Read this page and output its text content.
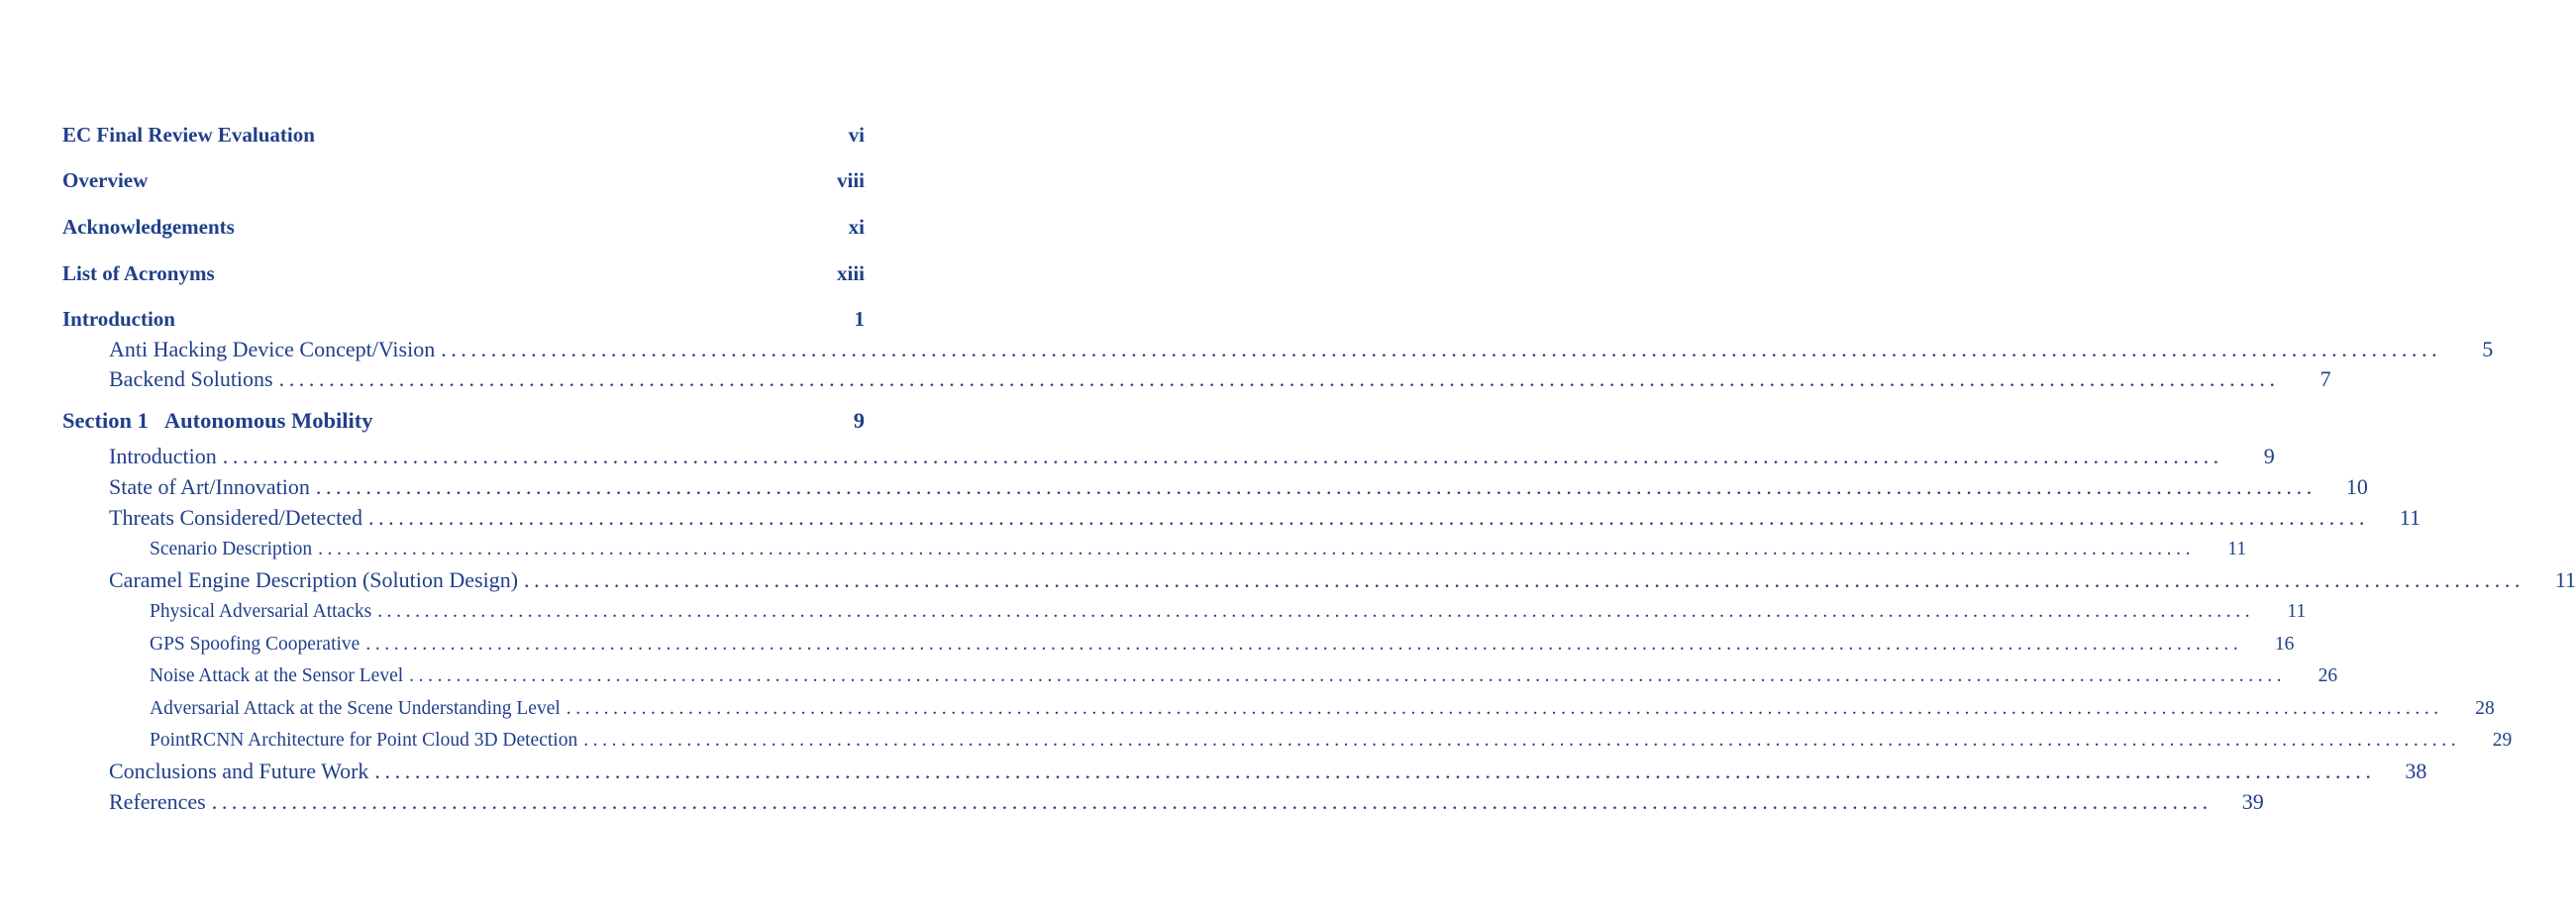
EC Final Review Evaluation	vi
Overview	viii
Acknowledgements	xi
List of Acronyms	xiii
Introduction	1
Anti Hacking Device Concept/Vision ........................................................................................................................................................................................................	5
Backend Solutions ........................................................................................................................................................................................................	7
Section 1 Autonomous Mobility	9
Introduction ........................................................................................................................................................................................................	9
State of Art/Innovation ........................................................................................................................................................................................................	10
Threats Considered/Detected ........................................................................................................................................................................................................	11
Scenario Description ........................................................................................................................................................................................................	11
Caramel Engine Description (Solution Design) ........................................................................................................................................................................................................	11
Physical Adversarial Attacks ........................................................................................................................................................................................................	11
GPS Spoofing Cooperative ........................................................................................................................................................................................................	16
Noise Attack at the Sensor Level ........................................................................................................................................................................................................	26
Adversarial Attack at the Scene Understanding Level ........................................................................................................................................................................................................	28
PointRCNN Architecture for Point Cloud 3D Detection ........................................................................................................................................................................................................	29
Conclusions and Future Work ........................................................................................................................................................................................................	38
References ........................................................................................................................................................................................................	39
